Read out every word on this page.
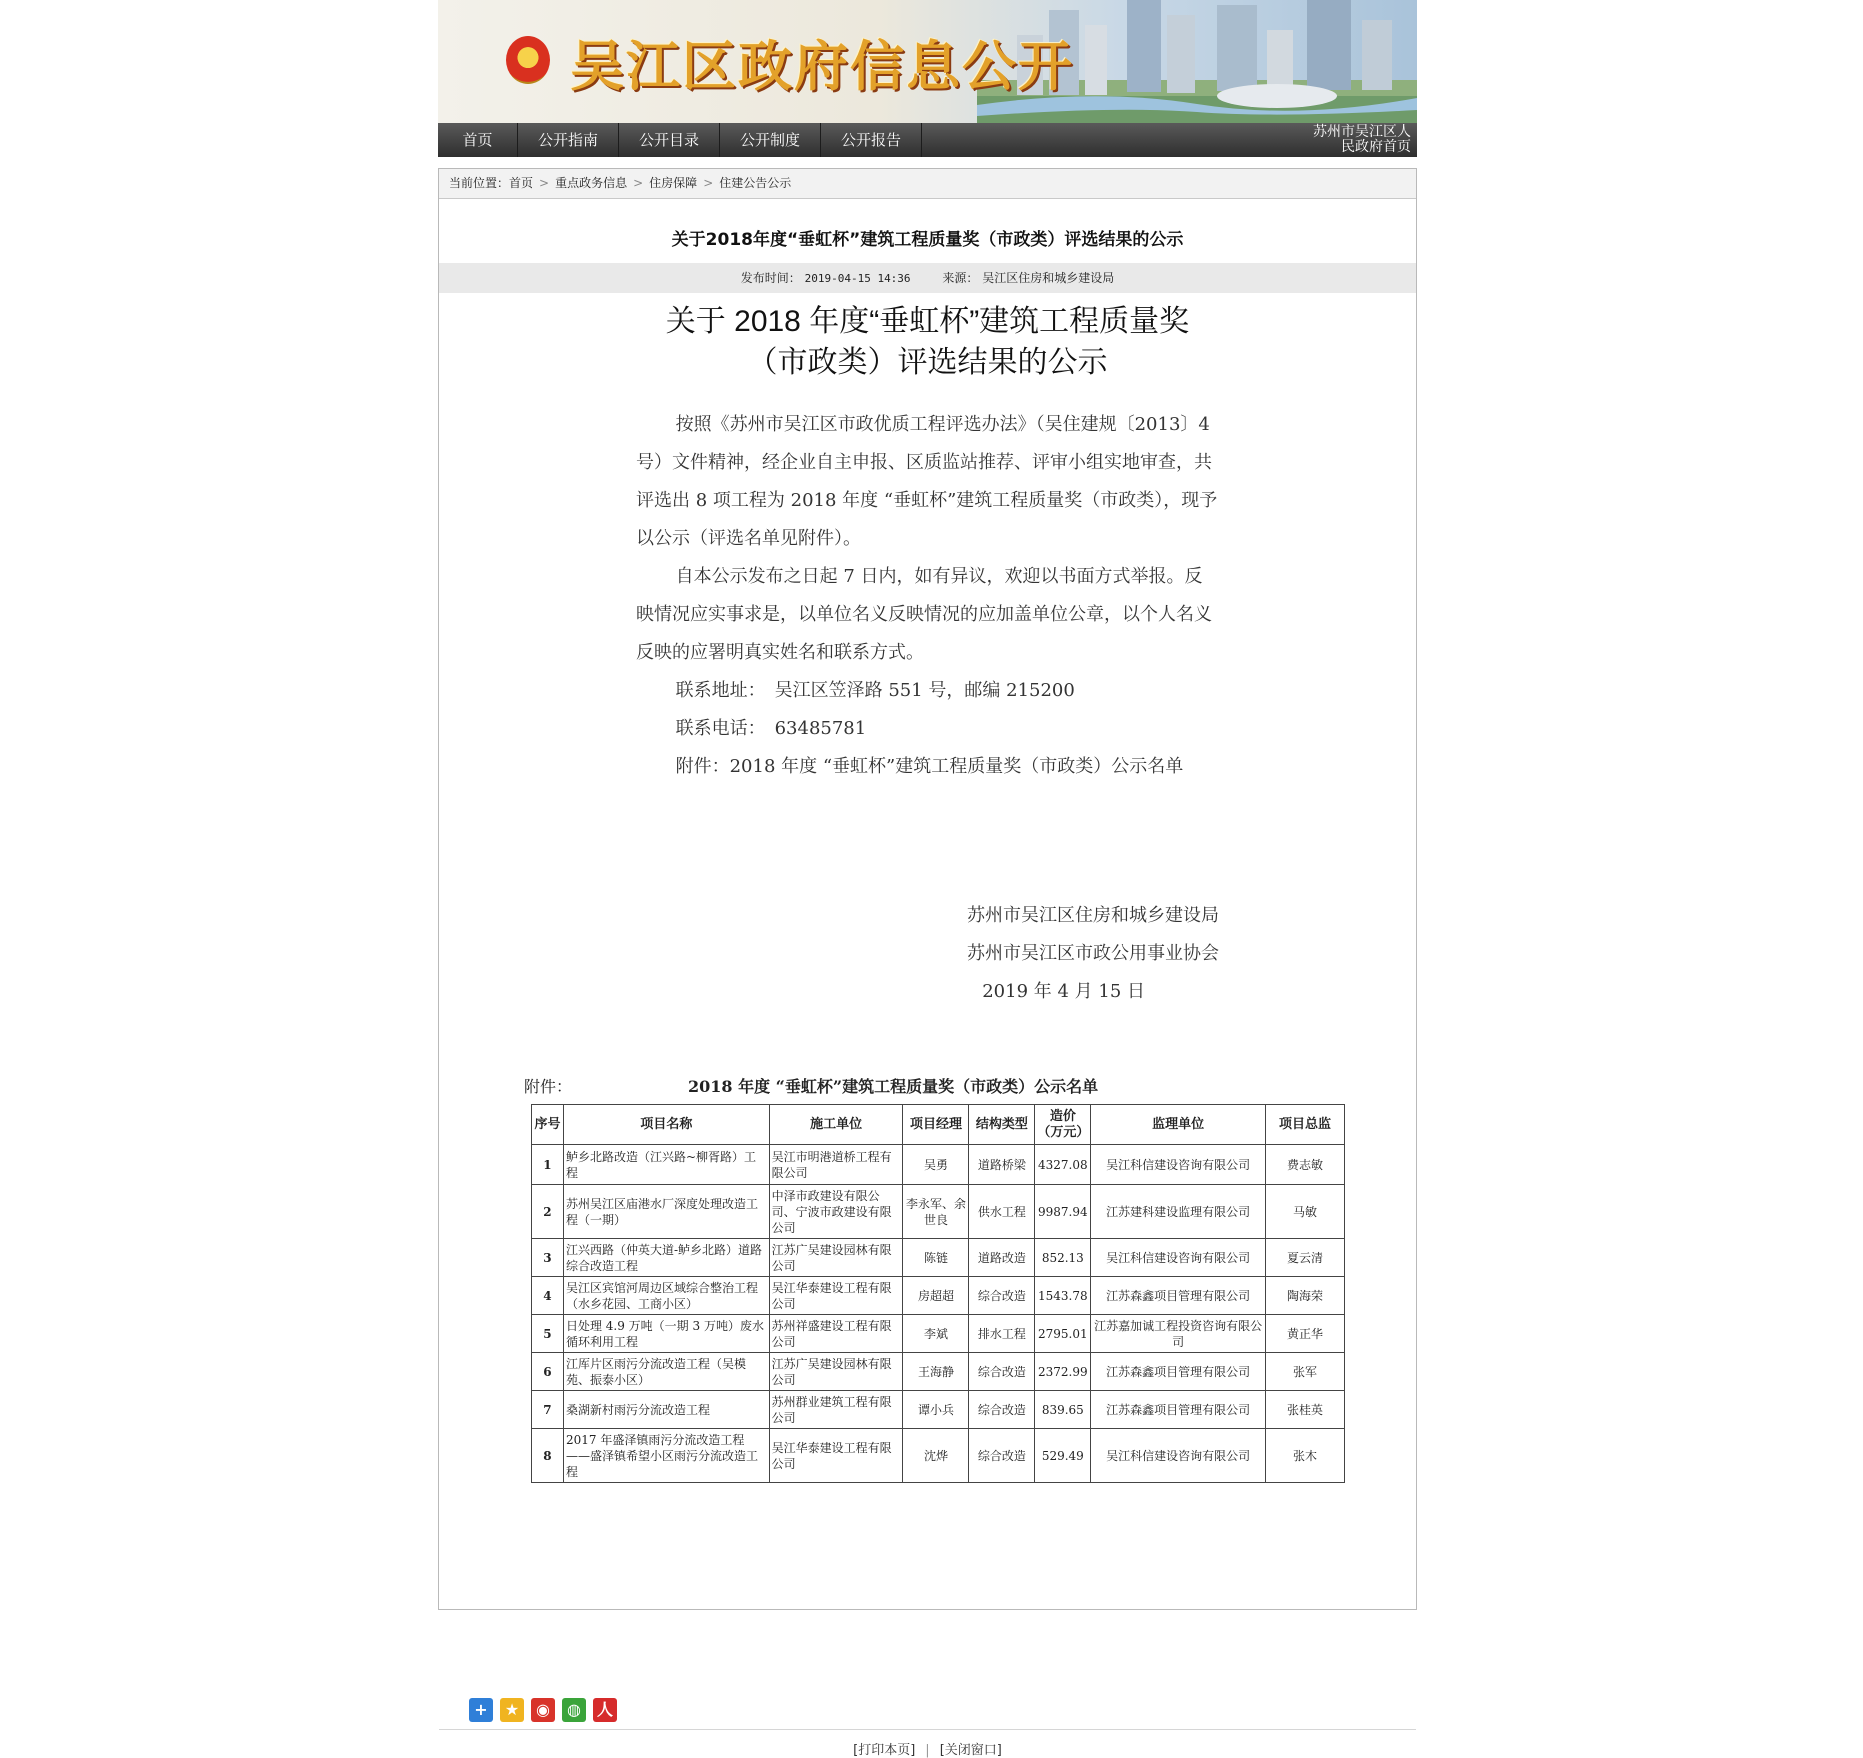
吴江区政府信息公开
首页	公开指南	公开目录	公开制度	公开报告	苏州市吴江区人民政府首页
当前位置：首页 > 重点政务信息 > 住房保障 > 住建公告公示
关于2018年度“垂虹杯”建筑工程质量奖（市政类）评选结果的公示
发布时间： 2019-04-15 14:36	来源： 吴江区住房和城乡建设局
关于 2018 年度“垂虹杯”建筑工程质量奖（市政类）评选结果的公示

按照《苏州市吴江区市政优质工程评选办法》（吴住建规〔2013〕4 号）文件精神，经企业自主申报、区质监站推荐、评审小组实地审查，共评选出 8 项工程为 2018 年度 “垂虹杯”建筑工程质量奖（市政类），现予以公示（评选名单见附件）。

自本公示发布之日起 7 日内，如有异议，欢迎以书面方式举报。反映情况应实事求是，以单位名义反映情况的应加盖单位公章，以个人名义反映的应署明真实姓名和联系方式。

联系地址：　吴江区笠泽路 551 号，邮编 215200

联系电话：　63485781

附件：2018 年度 “垂虹杯”建筑工程质量奖（市政类）公示名单

苏州市吴江区住房和城乡建设局
苏州市吴江区市政公用事业协会
2019 年 4 月 15 日
附件：	2018 年度 “垂虹杯”建筑工程质量奖（市政类）公示名单
序号	项目名称	施工单位	项目经理	结构类型	造价（万元）	监理单位	项目总监
1	鲈乡北路改造（江兴路~柳胥路）工程	吴江市明港道桥工程有限公司	吴勇	道路桥梁	4327.08	吴江科信建设咨询有限公司	费志敏
2	苏州吴江区庙港水厂深度处理改造工程（一期）	中泽市政建设有限公司、宁波市政建设有限公司	李永军、余世良	供水工程	9987.94	江苏建科建设监理有限公司	马敏
3	江兴西路（仲英大道-鲈乡北路）道路综合改造工程	江苏广吴建设园林有限公司	陈链	道路改造	852.13	吴江科信建设咨询有限公司	夏云清
4	吴江区宾馆河周边区域综合整治工程（水乡花园、工商小区）	吴江华泰建设工程有限公司	房超超	综合改造	1543.78	江苏森鑫项目管理有限公司	陶海荣
5	日处理 4.9 万吨（一期 3 万吨）废水循环利用工程	苏州祥盛建设工程有限公司	李斌	排水工程	2795.01	江苏嘉加诚工程投资咨询有限公司	黄正华
6	江厍片区雨污分流改造工程（吴模苑、振泰小区）	江苏广吴建设园林有限公司	王海静	综合改造	2372.99	江苏森鑫项目管理有限公司	张军
7	桑湖新村雨污分流改造工程	苏州群业建筑工程有限公司	谭小兵	综合改造	839.65	江苏森鑫项目管理有限公司	张桂英
8	2017 年盛泽镇雨污分流改造工程——盛泽镇希望小区雨污分流改造工程	吴江华泰建设工程有限公司	沈烨	综合改造	529.49	吴江科信建设咨询有限公司	张木
+	★	◉	◍	人
[打印本页] | [关闭窗口]
